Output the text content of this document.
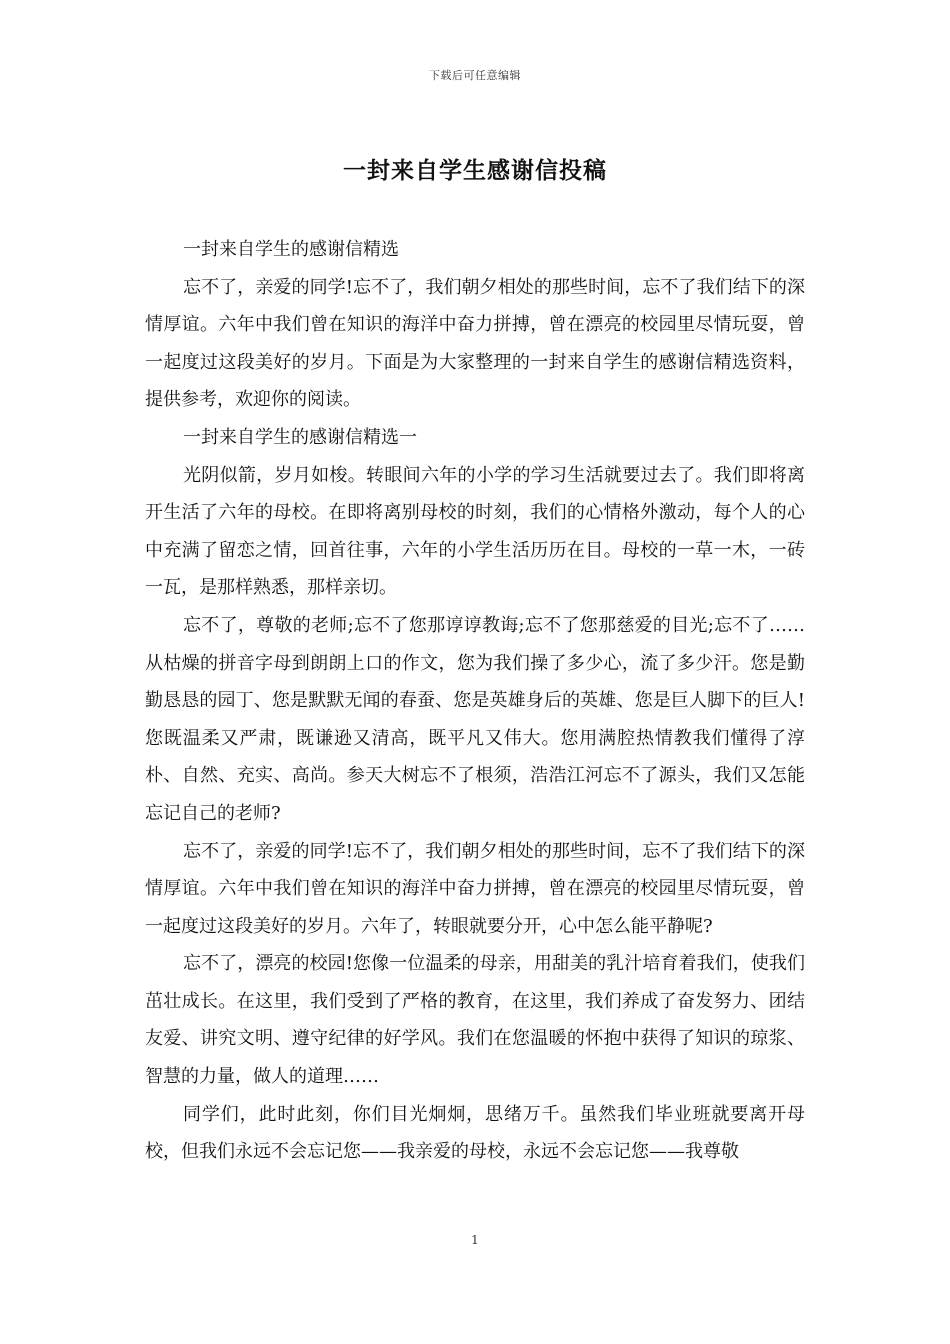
下载后可任意编辑
一封来自学生感谢信投稿

一封来自学生的感谢信精选

忘不了，亲爱的同学!忘不了，我们朝夕相处的那些时间，忘不了我们结下的深情厚谊。六年中我们曾在知识的海洋中奋力拼搏，曾在漂亮的校园里尽情玩耍，曾一起度过这段美好的岁月。下面是为大家整理的一封来自学生的感谢信精选资料，提供参考，欢迎你的阅读。

一封来自学生的感谢信精选一

光阴似箭，岁月如梭。转眼间六年的小学的学习生活就要过去了。我们即将离开生活了六年的母校。在即将离别母校的时刻，我们的心情格外激动，每个人的心中充满了留恋之情，回首往事，六年的小学生活历历在目。母校的一草一木，一砖一瓦，是那样熟悉，那样亲切。

忘不了，尊敬的老师;忘不了您那谆谆教诲;忘不了您那慈爱的目光;忘不了……从枯燥的拼音字母到朗朗上口的作文，您为我们操了多少心，流了多少汗。您是勤勤恳恳的园丁、您是默默无闻的春蚕、您是英雄身后的英雄、您是巨人脚下的巨人!您既温柔又严肃，既谦逊又清高，既平凡又伟大。您用满腔热情教我们懂得了淳朴、自然、充实、高尚。参天大树忘不了根须，浩浩江河忘不了源头，我们又怎能忘记自己的老师?

忘不了，亲爱的同学!忘不了，我们朝夕相处的那些时间，忘不了我们结下的深情厚谊。六年中我们曾在知识的海洋中奋力拼搏，曾在漂亮的校园里尽情玩耍，曾一起度过这段美好的岁月。六年了，转眼就要分开，心中怎么能平静呢?

忘不了，漂亮的校园!您像一位温柔的母亲，用甜美的乳汁培育着我们，使我们茁壮成长。在这里，我们受到了严格的教育，在这里，我们养成了奋发努力、团结友爱、讲究文明、遵守纪律的好学风。我们在您温暖的怀抱中获得了知识的琼浆、智慧的力量，做人的道理……

同学们，此时此刻，你们目光炯炯，思绪万千。虽然我们毕业班就要离开母校，但我们永远不会忘记您——我亲爱的母校，永远不会忘记您——我尊敬

1
